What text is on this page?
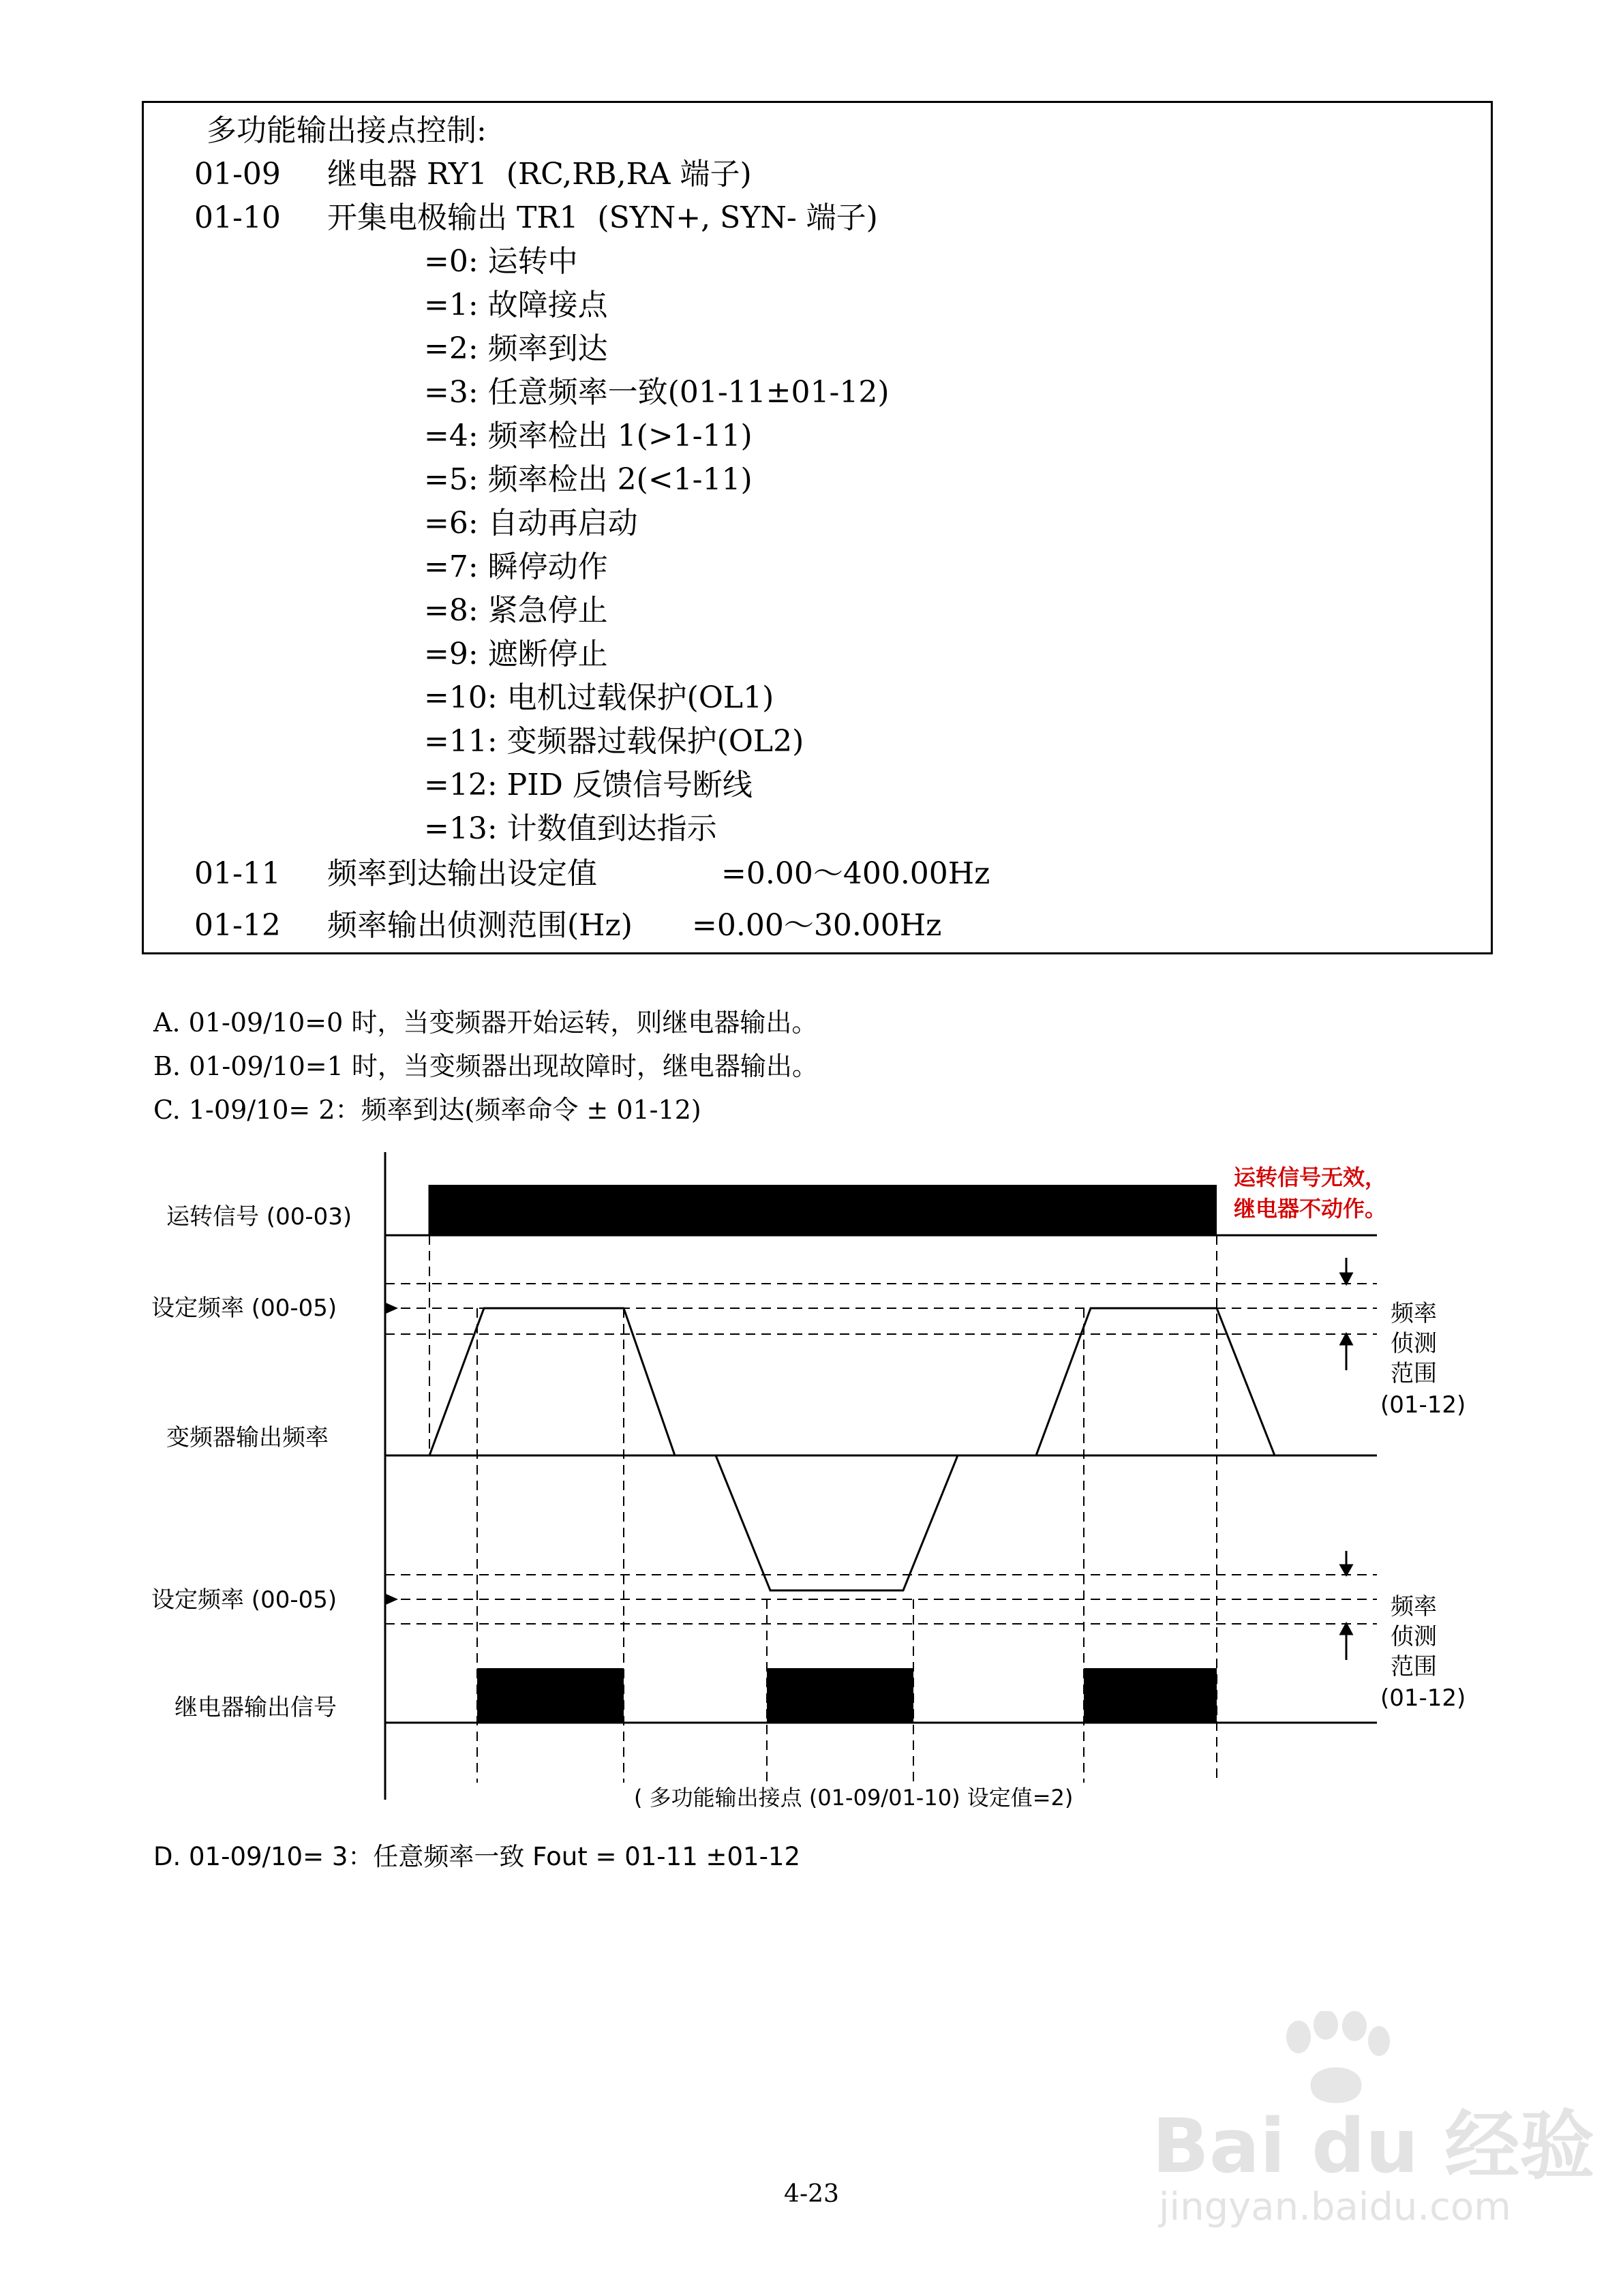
多功能输出接点控制:
01-09 继电器 RY1  (RC,RB,RA 端子)
01-10 开集电极输出 TR1  (SYN+, SYN- 端子)
=0: 运转中
=1: 故障接点
=2: 频率到达
=3: 任意频率一致(01-11±01-12)
=4: 频率检出 1(>1-11)
=5: 频率检出 2(<1-11)
=6: 自动再启动
=7: 瞬停动作
=8: 紧急停止
=9: 遮断停止
=10: 电机过载保护(OL1)
=11: 变频器过载保护(OL2)
=12: PID 反馈信号断线
=13: 计数值到达指示
01-11 频率到达输出设定值	=0.00～400.00Hz
01-12 频率输出侦测范围(Hz) =0.00～30.00Hz
A. 01-09/10=0 时，当变频器开始运转，则继电器输出。
B. 01-09/10=1 时，当变频器出现故障时，继电器输出。
C. 1-09/10= 2：频率到达(频率命令 ± 01-12)
运转信号 (00-03)
设定频率 (00-05)
变频器输出频率
设定频率 (00-05)
继电器输出信号
频率
侦测
范围
(01-12)
频率
侦测
范围
(01-12)
( 多功能输出接点 (01-09/01-10) 设定值=2)
运转信号无效，
继电器不动作。
D. 01-09/10= 3：任意频率一致 Fout = 01-11 ±01-12
4-23
Bai du 经验
jingyan.baidu.com
